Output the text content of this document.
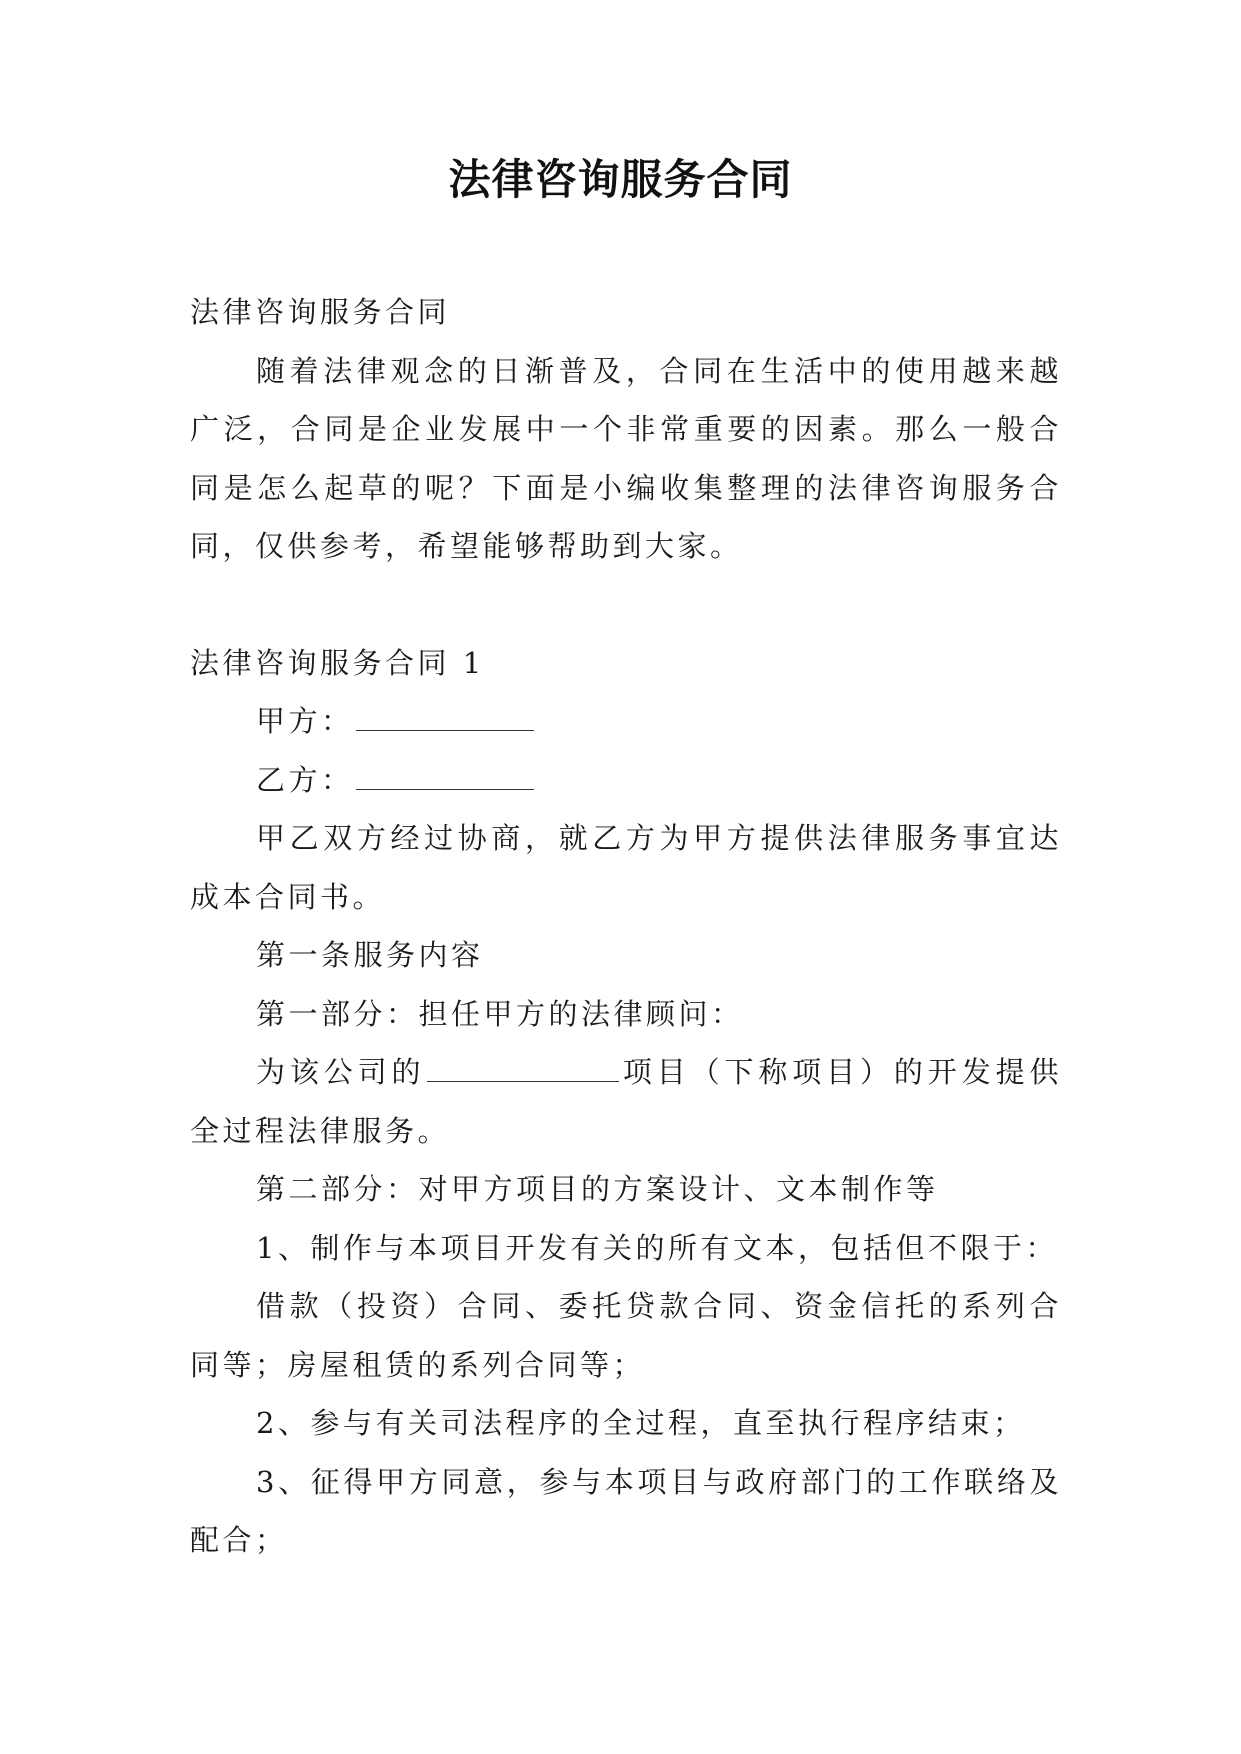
法律咨询服务合同

法律咨询服务合同

随着法律观念的日渐普及，合同在生活中的使用越来越广泛，合同是企业发展中一个非常重要的因素。那么一般合同是怎么起草的呢？下面是小编收集整理的法律咨询服务合同，仅供参考，希望能够帮助到大家。

法律咨询服务合同 1

甲方：

乙方：

甲乙双方经过协商，就乙方为甲方提供法律服务事宜达成本合同书。

第一条服务内容

第一部分：担任甲方的法律顾问：

为该公司的	项目（下称项目）的开发提供全过程法律服务。

第二部分：对甲方项目的方案设计、文本制作等

1、制作与本项目开发有关的所有文本，包括但不限于：

借款（投资）合同、委托贷款合同、资金信托的系列合同等；房屋租赁的系列合同等；

2、参与有关司法程序的全过程，直至执行程序结束；

3、征得甲方同意，参与本项目与政府部门的工作联络及配合；
